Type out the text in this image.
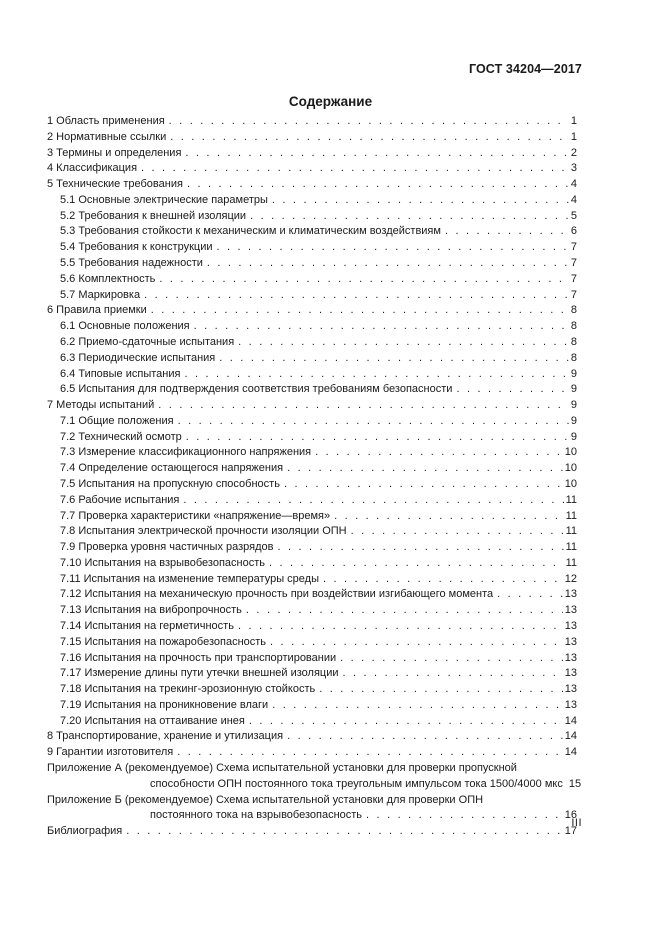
ГОСТ 34204—2017
Содержание
1 Область применения . . .	1
2 Нормативные ссылки . . .	1
3 Термины и определения . . .	2
4 Классификация . . .	3
5 Технические требования . . .	4
5.1 Основные электрические параметры . . .	4
5.2 Требования к внешней изоляции . . .	5
5.3 Требования стойкости к механическим и климатическим воздействиям . . .	6
5.4 Требования к конструкции . . .	7
5.5 Требования надежности . . .	7
5.6 Комплектность . . .	7
5.7 Маркировка . . .	7
6 Правила приемки . . .	8
6.1 Основные положения . . .	8
6.2 Приемо-сдаточные испытания . . .	8
6.3 Периодические испытания . . .	8
6.4 Типовые испытания . . .	9
6.5 Испытания для подтверждения соответствия требованиям безопасности . . .	9
7 Методы испытаний . . .	9
7.1 Общие положения . . .	9
7.2 Технический осмотр . . .	9
7.3 Измерение классификационного напряжения . . .	10
7.4 Определение остающегося напряжения . . .	10
7.5 Испытания на пропускную способность . . .	10
7.6 Рабочие испытания . . .	11
7.7 Проверка характеристики «напряжение—время» . . .	11
7.8 Испытания электрической прочности изоляции ОПН . . .	11
7.9 Проверка уровня частичных разрядов . . .	11
7.10 Испытания на взрывобезопасность . . .	11
7.11 Испытания на изменение температуры среды . . .	12
7.12 Испытания на механическую прочность при воздействии изгибающего момента . . .	13
7.13 Испытания на вибропрочность . . .	13
7.14 Испытания на герметичность . . .	13
7.15 Испытания на пожаробезопасность . . .	13
7.16 Испытания на прочность при транспортировании . . .	13
7.17 Измерение длины пути утечки внешней изоляции . . .	13
7.18 Испытания на трекинг-эрозионную стойкость . . .	13
7.19 Испытания на проникновение влаги . . .	13
7.20 Испытания на оттаивание инея . . .	14
8 Транспортирование, хранение и утилизация . . .	14
9 Гарантии изготовителя . . .	14
Приложение А (рекомендуемое) Схема испытательной установки для проверки пропускной
способности ОПН постоянного тока треугольным импульсом тока 1500/4000 мкс 15
Приложение Б (рекомендуемое) Схема испытательной установки для проверки ОПН
постоянного тока на взрывобезопасность . . .	16
Библиография . . .	17
III
